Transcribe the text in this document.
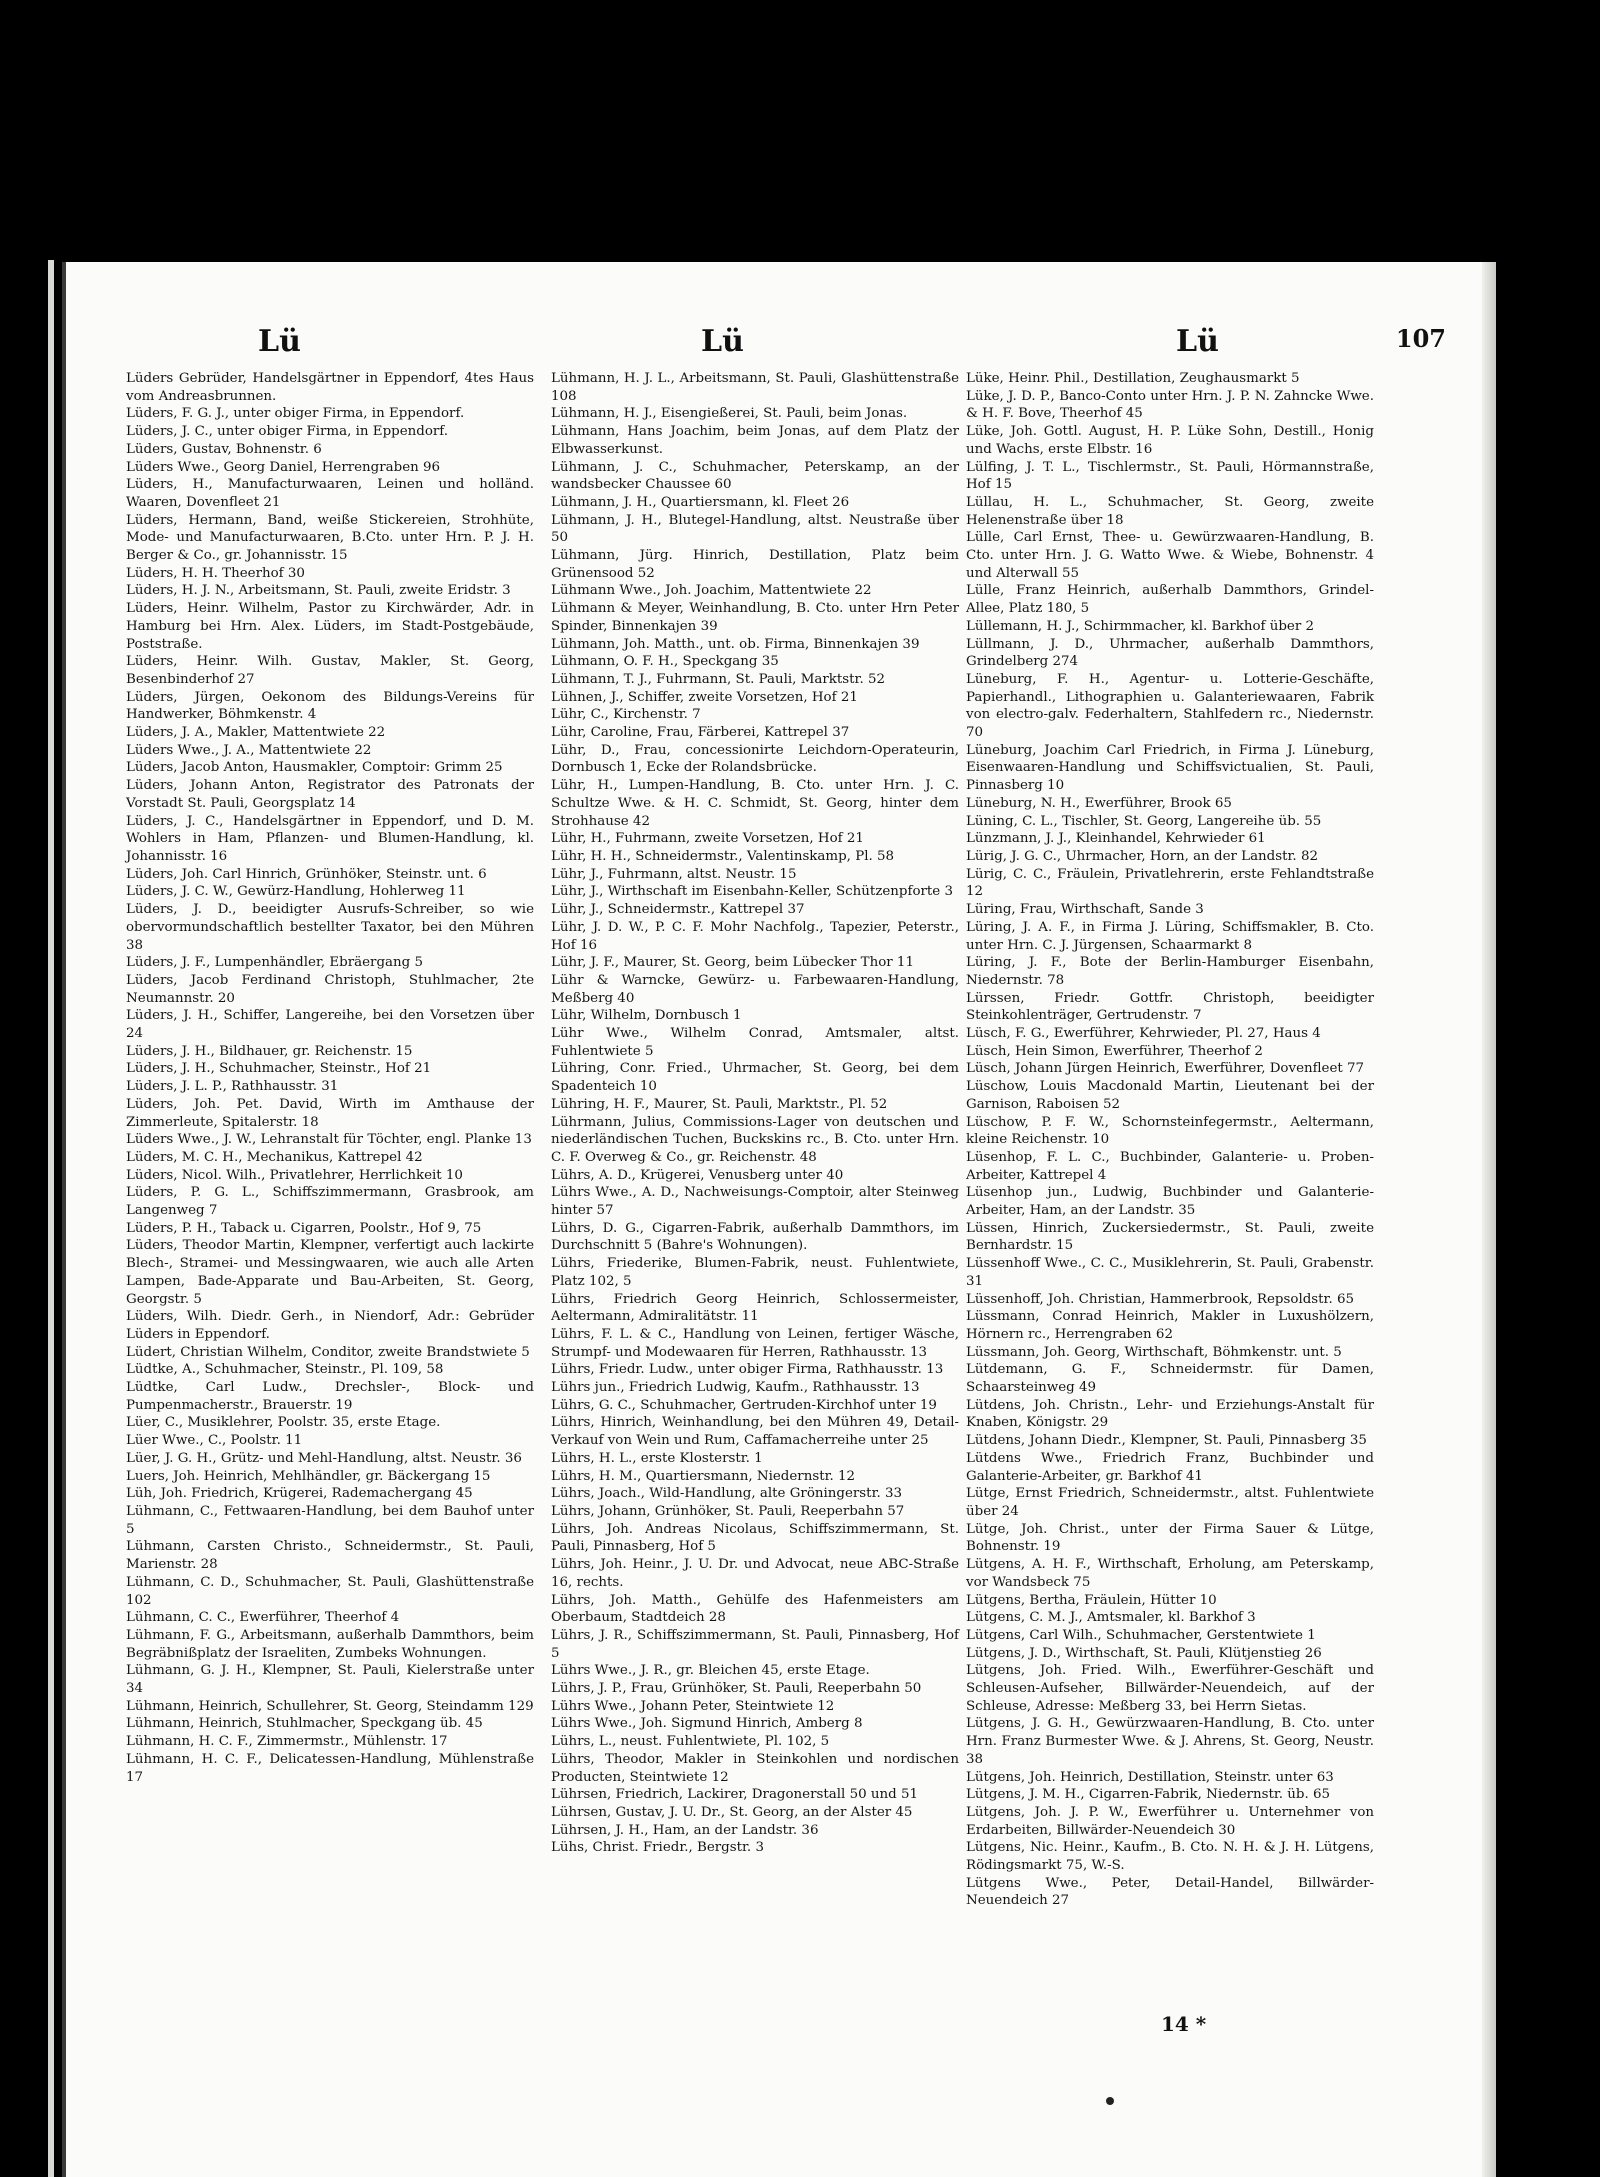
Lü	Lü	Lü	107

Lüders Gebrüder, Handelsgärtner in Eppendorf, 4tes Haus vom Andreasbrunnen.

Lüders, F. G. J., unter obiger Firma, in Eppendorf.

Lüders, J. C., unter obiger Firma, in Eppendorf.

Lüders, Gustav, Bohnenstr. 6

Lüders Wwe., Georg Daniel, Herrengraben 96

Lüders, H., Manufacturwaaren, Leinen und holländ. Waaren, Dovenfleet 21

Lüders, Hermann, Band, weiße Stickereien, Strohhüte, Mode- und Manufacturwaaren, B.Cto. unter Hrn. P. J. H. Berger & Co., gr. Johannisstr. 15

Lüders, H. H. Theerhof 30

Lüders, H. J. N., Arbeitsmann, St. Pauli, zweite Eridstr. 3

Lüders, Heinr. Wilhelm, Pastor zu Kirchwärder, Adr. in Hamburg bei Hrn. Alex. Lüders, im Stadt-Postgebäude, Poststraße.

Lüders, Heinr. Wilh. Gustav, Makler, St. Georg, Besenbinderhof 27

Lüders, Jürgen, Oekonom des Bildungs-Vereins für Handwerker, Böhmkenstr. 4

Lüders, J. A., Makler, Mattentwiete 22

Lüders Wwe., J. A., Mattentwiete 22

Lüders, Jacob Anton, Hausmakler, Comptoir: Grimm 25

Lüders, Johann Anton, Registrator des Patronats der Vorstadt St. Pauli, Georgsplatz 14

Lüders, J. C., Handelsgärtner in Eppendorf, und D. M. Wohlers in Ham, Pflanzen- und Blumen-Handlung, kl. Johannisstr. 16

Lüders, Joh. Carl Hinrich, Grünhöker, Steinstr. unt. 6

Lüders, J. C. W., Gewürz-Handlung, Hohlerweg 11

Lüders, J. D., beeidigter Ausrufs-Schreiber, so wie obervormundschaftlich bestellter Taxator, bei den Mühren 38

Lüders, J. F., Lumpenhändler, Ebräergang 5

Lüders, Jacob Ferdinand Christoph, Stuhlmacher, 2te Neumannstr. 20

Lüders, J. H., Schiffer, Langereihe, bei den Vorsetzen über 24

Lüders, J. H., Bildhauer, gr. Reichenstr. 15

Lüders, J. H., Schuhmacher, Steinstr., Hof 21

Lüders, J. L. P., Rathhausstr. 31

Lüders, Joh. Pet. David, Wirth im Amthause der Zimmerleute, Spitalerstr. 18

Lüders Wwe., J. W., Lehranstalt für Töchter, engl. Planke 13

Lüders, M. C. H., Mechanikus, Kattrepel 42

Lüders, Nicol. Wilh., Privatlehrer, Herrlichkeit 10

Lüders, P. G. L., Schiffszimmermann, Grasbrook, am Langenweg 7

Lüders, P. H., Taback u. Cigarren, Poolstr., Hof 9, 75

Lüders, Theodor Martin, Klempner, verfertigt auch lackirte Blech-, Stramei- und Messingwaaren, wie auch alle Arten Lampen, Bade-Apparate und Bau-Arbeiten, St. Georg, Georgstr. 5

Lüders, Wilh. Diedr. Gerh., in Niendorf, Adr.: Gebrüder Lüders in Eppendorf.

Lüdert, Christian Wilhelm, Conditor, zweite Brandstwiete 5

Lüdtke, A., Schuhmacher, Steinstr., Pl. 109, 58

Lüdtke, Carl Ludw., Drechsler-, Block- und Pumpenmacherstr., Brauerstr. 19

Lüer, C., Musiklehrer, Poolstr. 35, erste Etage.

Lüer Wwe., C., Poolstr. 11

Lüer, J. G. H., Grütz- und Mehl-Handlung, altst. Neustr. 36

Luers, Joh. Heinrich, Mehlhändler, gr. Bäckergang 15

Lüh, Joh. Friedrich, Krügerei, Rademachergang 45

Lühmann, C., Fettwaaren-Handlung, bei dem Bauhof unter 5

Lühmann, Carsten Christo., Schneidermstr., St. Pauli, Marienstr. 28

Lühmann, C. D., Schuhmacher, St. Pauli, Glashüttenstraße 102

Lühmann, C. C., Ewerführer, Theerhof 4

Lühmann, F. G., Arbeitsmann, außerhalb Dammthors, beim Begräbnißplatz der Israeliten, Zumbeks Wohnungen.

Lühmann, G. J. H., Klempner, St. Pauli, Kielerstraße unter 34

Lühmann, Heinrich, Schullehrer, St. Georg, Steindamm 129

Lühmann, Heinrich, Stuhlmacher, Speckgang üb. 45

Lühmann, H. C. F., Zimmermstr., Mühlenstr. 17

Lühmann, H. C. F., Delicatessen-Handlung, Mühlenstraße 17

Lühmann, H. J. L., Arbeitsmann, St. Pauli, Glashüttenstraße 108

Lühmann, H. J., Eisengießerei, St. Pauli, beim Jonas.

Lühmann, Hans Joachim, beim Jonas, auf dem Platz der Elbwasserkunst.

Lühmann, J. C., Schuhmacher, Peterskamp, an der wandsbecker Chaussee 60

Lühmann, J. H., Quartiersmann, kl. Fleet 26

Lühmann, J. H., Blutegel-Handlung, altst. Neustraße über 50

Lühmann, Jürg. Hinrich, Destillation, Platz beim Grünensood 52

Lühmann Wwe., Joh. Joachim, Mattentwiete 22

Lühmann & Meyer, Weinhandlung, B. Cto. unter Hrn Peter Spinder, Binnenkajen 39

Lühmann, Joh. Matth., unt. ob. Firma, Binnenkajen 39

Lühmann, O. F. H., Speckgang 35

Lühmann, T. J., Fuhrmann, St. Pauli, Marktstr. 52

Lühnen, J., Schiffer, zweite Vorsetzen, Hof 21

Lühr, C., Kirchenstr. 7

Lühr, Caroline, Frau, Färberei, Kattrepel 37

Lühr, D., Frau, concessionirte Leichdorn-Operateurin, Dornbusch 1, Ecke der Rolandsbrücke.

Lühr, H., Lumpen-Handlung, B. Cto. unter Hrn. J. C. Schultze Wwe. & H. C. Schmidt, St. Georg, hinter dem Strohhause 42

Lühr, H., Fuhrmann, zweite Vorsetzen, Hof 21

Lühr, H. H., Schneidermstr., Valentinskamp, Pl. 58

Lühr, J., Fuhrmann, altst. Neustr. 15

Lühr, J., Wirthschaft im Eisenbahn-Keller, Schützenpforte 3

Lühr, J., Schneidermstr., Kattrepel 37

Lühr, J. D. W., P. C. F. Mohr Nachfolg., Tapezier, Peterstr., Hof 16

Lühr, J. F., Maurer, St. Georg, beim Lübecker Thor 11

Lühr & Warncke, Gewürz- u. Farbewaaren-Handlung, Meßberg 40

Lühr, Wilhelm, Dornbusch 1

Lühr Wwe., Wilhelm Conrad, Amtsmaler, altst. Fuhlentwiete 5

Lühring, Conr. Fried., Uhrmacher, St. Georg, bei dem Spadenteich 10

Lühring, H. F., Maurer, St. Pauli, Marktstr., Pl. 52

Lührmann, Julius, Commissions-Lager von deutschen und niederländischen Tuchen, Buckskins rc., B. Cto. unter Hrn. C. F. Overweg & Co., gr. Reichenstr. 48

Lührs, A. D., Krügerei, Venusberg unter 40

Lührs Wwe., A. D., Nachweisungs-Comptoir, alter Steinweg hinter 57

Lührs, D. G., Cigarren-Fabrik, außerhalb Dammthors, im Durchschnitt 5 (Bahre's Wohnungen).

Lührs, Friederike, Blumen-Fabrik, neust. Fuhlentwiete, Platz 102, 5

Lührs, Friedrich Georg Heinrich, Schlossermeister, Aeltermann, Admiralitätstr. 11

Lührs, F. L. & C., Handlung von Leinen, fertiger Wäsche, Strumpf- und Modewaaren für Herren, Rathhausstr. 13

Lührs, Friedr. Ludw., unter obiger Firma, Rathhausstr. 13

Lührs jun., Friedrich Ludwig, Kaufm., Rathhausstr. 13

Lührs, G. C., Schuhmacher, Gertruden-Kirchhof unter 19

Lührs, Hinrich, Weinhandlung, bei den Mühren 49, Detail-Verkauf von Wein und Rum, Caffamacherreihe unter 25

Lührs, H. L., erste Klosterstr. 1

Lührs, H. M., Quartiersmann, Niedernstr. 12

Lührs, Joach., Wild-Handlung, alte Gröningerstr. 33

Lührs, Johann, Grünhöker, St. Pauli, Reeperbahn 57

Lührs, Joh. Andreas Nicolaus, Schiffszimmermann, St. Pauli, Pinnasberg, Hof 5

Lührs, Joh. Heinr., J. U. Dr. und Advocat, neue ABC-Straße 16, rechts.

Lührs, Joh. Matth., Gehülfe des Hafenmeisters am Oberbaum, Stadtdeich 28

Lührs, J. R., Schiffszimmermann, St. Pauli, Pinnasberg, Hof 5

Lührs Wwe., J. R., gr. Bleichen 45, erste Etage.

Lührs, J. P., Frau, Grünhöker, St. Pauli, Reeperbahn 50

Lührs Wwe., Johann Peter, Steintwiete 12

Lührs Wwe., Joh. Sigmund Hinrich, Amberg 8

Lührs, L., neust. Fuhlentwiete, Pl. 102, 5

Lührs, Theodor, Makler in Steinkohlen und nordischen Producten, Steintwiete 12

Lührsen, Friedrich, Lackirer, Dragonerstall 50 und 51

Lührsen, Gustav, J. U. Dr., St. Georg, an der Alster 45

Lührsen, J. H., Ham, an der Landstr. 36

Lühs, Christ. Friedr., Bergstr. 3

Lüke, Heinr. Phil., Destillation, Zeughausmarkt 5

Lüke, J. D. P., Banco-Conto unter Hrn. J. P. N. Zahncke Wwe. & H. F. Bove, Theerhof 45

Lüke, Joh. Gottl. August, H. P. Lüke Sohn, Destill., Honig und Wachs, erste Elbstr. 16

Lülfing, J. T. L., Tischlermstr., St. Pauli, Hörmannstraße, Hof 15

Lüllau, H. L., Schuhmacher, St. Georg, zweite Helenenstraße über 18

Lülle, Carl Ernst, Thee- u. Gewürzwaaren-Handlung, B. Cto. unter Hrn. J. G. Watto Wwe. & Wiebe, Bohnenstr. 4 und Alterwall 55

Lülle, Franz Heinrich, außerhalb Dammthors, Grindel-Allee, Platz 180, 5

Lüllemann, H. J., Schirmmacher, kl. Barkhof über 2

Lüllmann, J. D., Uhrmacher, außerhalb Dammthors, Grindelberg 274

Lüneburg, F. H., Agentur- u. Lotterie-Geschäfte, Papierhandl., Lithographien u. Galanteriewaaren, Fabrik von electro-galv. Federhaltern, Stahlfedern rc., Niedernstr. 70

Lüneburg, Joachim Carl Friedrich, in Firma J. Lüneburg, Eisenwaaren-Handlung und Schiffsvictualien, St. Pauli, Pinnasberg 10

Lüneburg, N. H., Ewerführer, Brook 65

Lüning, C. L., Tischler, St. Georg, Langereihe üb. 55

Lünzmann, J. J., Kleinhandel, Kehrwieder 61

Lürig, J. G. C., Uhrmacher, Horn, an der Landstr. 82

Lürig, C. C., Fräulein, Privatlehrerin, erste Fehlandtstraße 12

Lüring, Frau, Wirthschaft, Sande 3

Lüring, J. A. F., in Firma J. Lüring, Schiffsmakler, B. Cto. unter Hrn. C. J. Jürgensen, Schaarmarkt 8

Lüring, J. F., Bote der Berlin-Hamburger Eisenbahn, Niedernstr. 78

Lürssen, Friedr. Gottfr. Christoph, beeidigter Steinkohlenträger, Gertrudenstr. 7

Lüsch, F. G., Ewerführer, Kehrwieder, Pl. 27, Haus 4

Lüsch, Hein Simon, Ewerführer, Theerhof 2

Lüsch, Johann Jürgen Heinrich, Ewerführer, Dovenfleet 77

Lüschow, Louis Macdonald Martin, Lieutenant bei der Garnison, Raboisen 52

Lüschow, P. F. W., Schornsteinfegermstr., Aeltermann, kleine Reichenstr. 10

Lüsenhop, F. L. C., Buchbinder, Galanterie- u. Proben-Arbeiter, Kattrepel 4

Lüsenhop jun., Ludwig, Buchbinder und Galanterie-Arbeiter, Ham, an der Landstr. 35

Lüssen, Hinrich, Zuckersiedermstr., St. Pauli, zweite Bernhardstr. 15

Lüssenhoff Wwe., C. C., Musiklehrerin, St. Pauli, Grabenstr. 31

Lüssenhoff, Joh. Christian, Hammerbrook, Repsoldstr. 65

Lüssmann, Conrad Heinrich, Makler in Luxushölzern, Hörnern rc., Herrengraben 62

Lüssmann, Joh. Georg, Wirthschaft, Böhmkenstr. unt. 5

Lütdemann, G. F., Schneidermstr. für Damen, Schaarsteinweg 49

Lütdens, Joh. Christn., Lehr- und Erziehungs-Anstalt für Knaben, Königstr. 29

Lütdens, Johann Diedr., Klempner, St. Pauli, Pinnasberg 35

Lütdens Wwe., Friedrich Franz, Buchbinder und Galanterie-Arbeiter, gr. Barkhof 41

Lütge, Ernst Friedrich, Schneidermstr., altst. Fuhlentwiete über 24

Lütge, Joh. Christ., unter der Firma Sauer & Lütge, Bohnenstr. 19

Lütgens, A. H. F., Wirthschaft, Erholung, am Peterskamp, vor Wandsbeck 75

Lütgens, Bertha, Fräulein, Hütter 10

Lütgens, C. M. J., Amtsmaler, kl. Barkhof 3

Lütgens, Carl Wilh., Schuhmacher, Gerstentwiete 1

Lütgens, J. D., Wirthschaft, St. Pauli, Klütjenstieg 26

Lütgens, Joh. Fried. Wilh., Ewerführer-Geschäft und Schleusen-Aufseher, Billwärder-Neuendeich, auf der Schleuse, Adresse: Meßberg 33, bei Herrn Sietas.

Lütgens, J. G. H., Gewürzwaaren-Handlung, B. Cto. unter Hrn. Franz Burmester Wwe. & J. Ahrens, St. Georg, Neustr. 38

Lütgens, Joh. Heinrich, Destillation, Steinstr. unter 63

Lütgens, J. M. H., Cigarren-Fabrik, Niedernstr. üb. 65

Lütgens, Joh. J. P. W., Ewerführer u. Unternehmer von Erdarbeiten, Billwärder-Neuendeich 30

Lütgens, Nic. Heinr., Kaufm., B. Cto. N. H. & J. H. Lütgens, Rödingsmarkt 75, W.-S.

Lütgens Wwe., Peter, Detail-Handel, Billwärder-Neuendeich 27

14 *
